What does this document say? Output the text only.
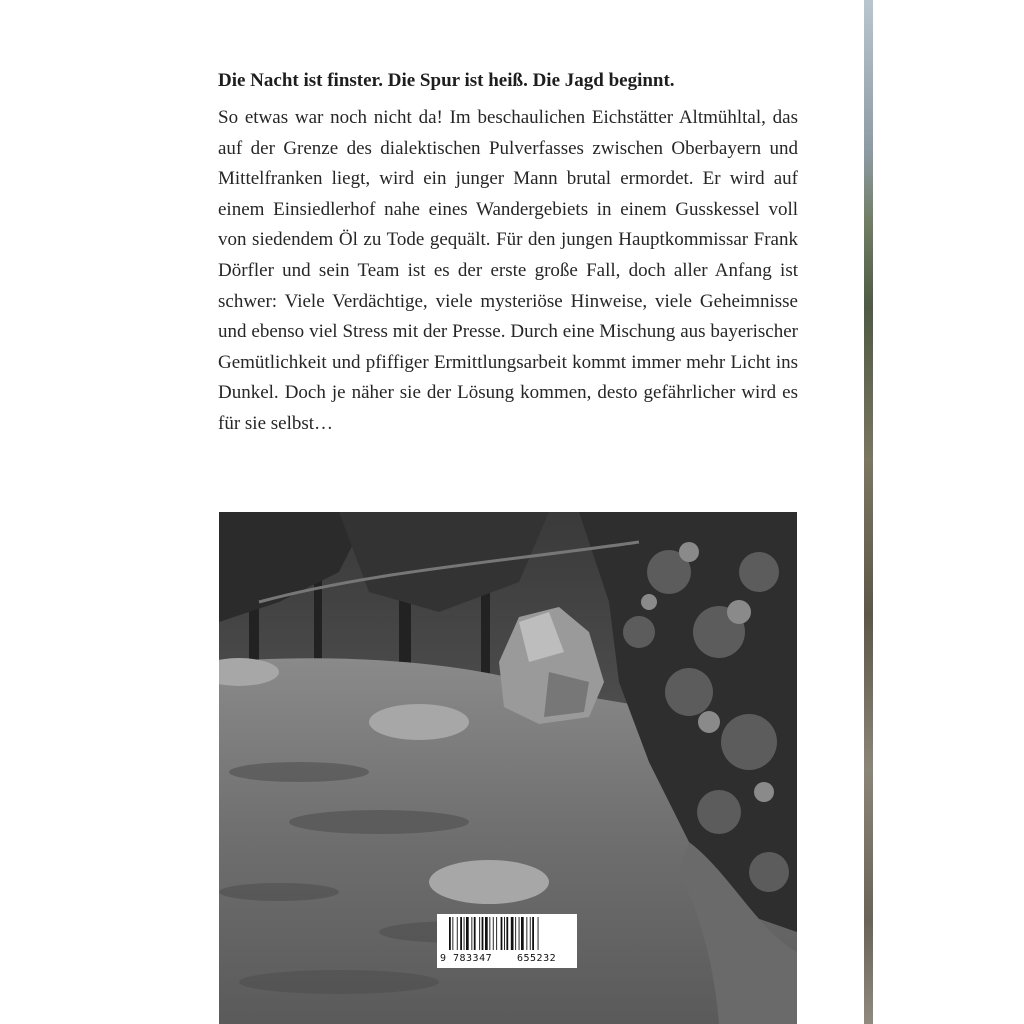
Die Nacht ist finster. Die Spur ist heiß. Die Jagd beginnt.

So etwas war noch nicht da! Im beschaulichen Eichstätter Altmühltal, das auf der Grenze des dialektischen Pulverfasses zwischen Oberbayern und Mittelfranken liegt, wird ein junger Mann brutal ermordet. Er wird auf einem Einsiedlerhof nahe eines Wandergebiets in einem Gusskessel voll von siedendem Öl zu Tode gequält. Für den jungen Hauptkommissar Frank Dörfler und sein Team ist es der erste große Fall, doch aller Anfang ist schwer: Viele Verdächtige, viele mysteriöse Hinweise, viele Geheimnisse und ebenso viel Stress mit der Presse. Durch eine Mischung aus bayerischer Gemütlichkeit und pfiffiger Ermittlungsarbeit kommt immer mehr Licht ins Dunkel. Doch je näher sie der Lösung kommen, desto gefährlicher wird es für sie selbst…

9 783347 655232
